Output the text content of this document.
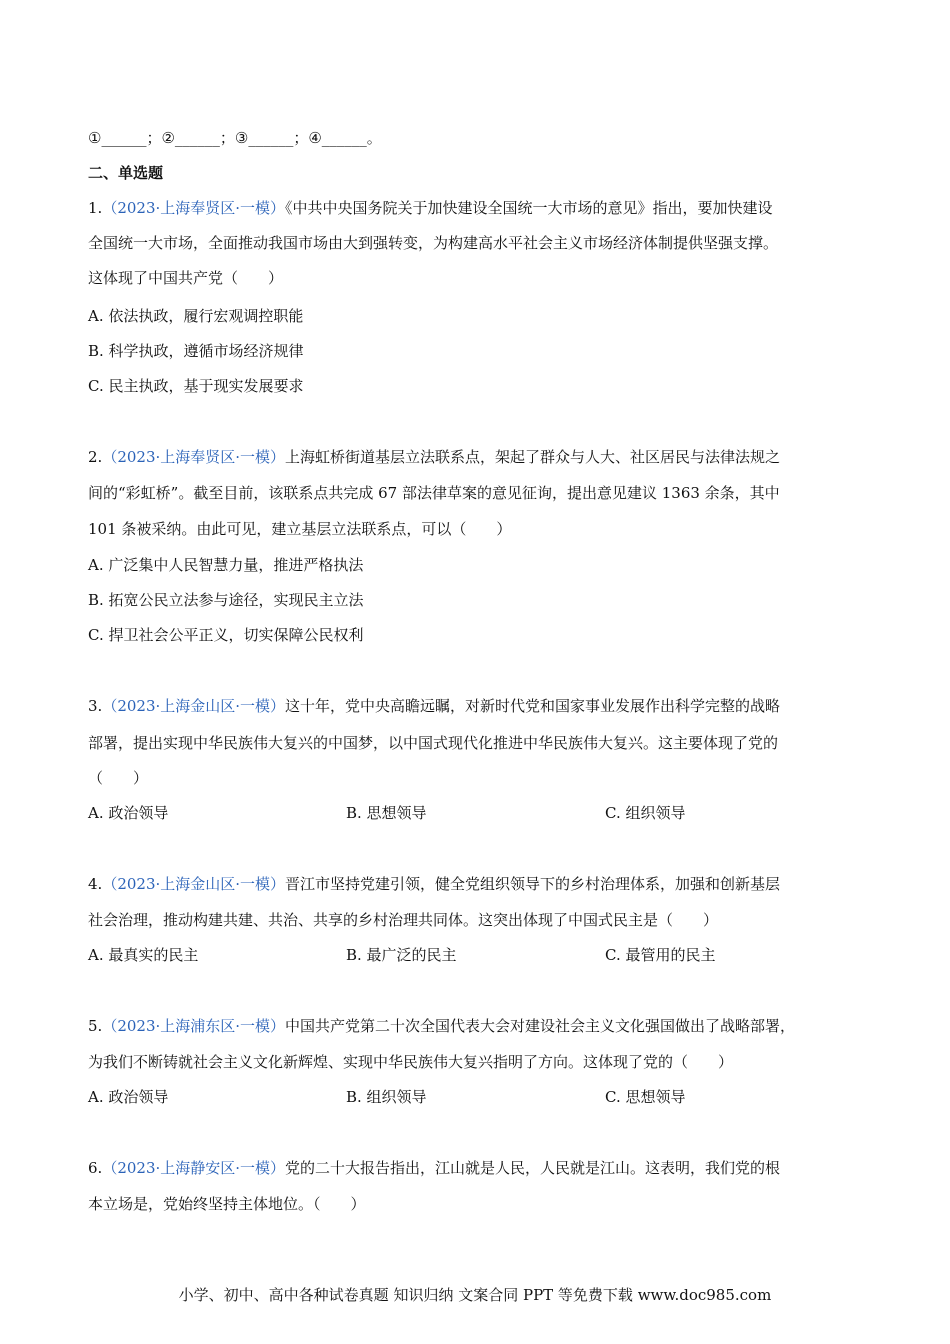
①______；②______；③______；④______。
二、单选题
1.（2023·上海奉贤区·一模）《中共中央国务院关于加快建设全国统一大市场的意见》指出，要加快建设
全国统一大市场，全面推动我国市场由大到强转变，为构建高水平社会主义市场经济体制提供坚强支撑。
这体现了中国共产党（　　）
A. 依法执政，履行宏观调控职能
B. 科学执政，遵循市场经济规律
C. 民主执政，基于现实发展要求
2.（2023·上海奉贤区·一模）上海虹桥街道基层立法联系点，架起了群众与人大、社区居民与法律法规之
间的“彩虹桥”。截至目前，该联系点共完成 67 部法律草案的意见征询，提出意见建议 1363 余条，其中
101 条被采纳。由此可见，建立基层立法联系点，可以（　　）
A. 广泛集中人民智慧力量，推进严格执法
B. 拓宽公民立法参与途径，实现民主立法
C. 捍卫社会公平正义，切实保障公民权利
3.（2023·上海金山区·一模）这十年，党中央高瞻远瞩，对新时代党和国家事业发展作出科学完整的战略
部署，提出实现中华民族伟大复兴的中国梦，以中国式现代化推进中华民族伟大复兴。这主要体现了党的
（　　）
A. 政治领导	B. 思想领导	C. 组织领导
4.（2023·上海金山区·一模）晋江市坚持党建引领，健全党组织领导下的乡村治理体系，加强和创新基层
社会治理，推动构建共建、共治、共享的乡村治理共同体。这突出体现了中国式民主是（　　）
A. 最真实的民主	B. 最广泛的民主	C. 最管用的民主
5.（2023·上海浦东区·一模）中国共产党第二十次全国代表大会对建设社会主义文化强国做出了战略部署，
为我们不断铸就社会主义文化新辉煌、实现中华民族伟大复兴指明了方向。这体现了党的（　　）
A. 政治领导	B. 组织领导	C. 思想领导
6.（2023·上海静安区·一模）党的二十大报告指出，江山就是人民，人民就是江山。这表明，我们党的根
本立场是，党始终坚持主体地位。（　　）
小学、初中、高中各种试卷真题 知识归纳 文案合同 PPT 等免费下载 www.doc985.com
